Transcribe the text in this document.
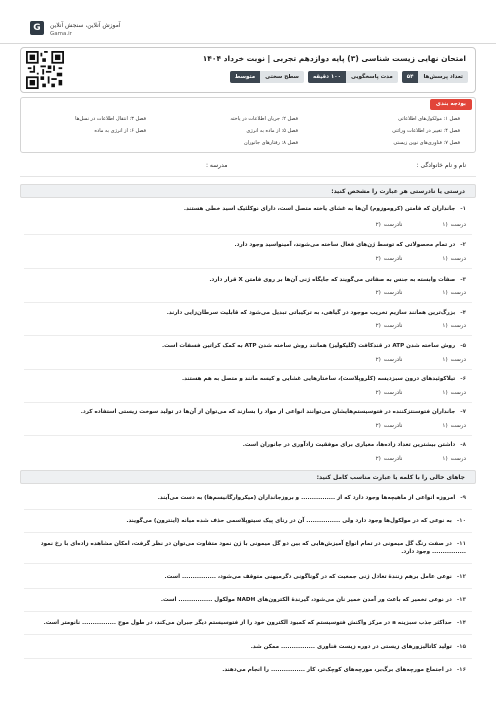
G	آموزش آنلاین، سنجش آنلاین
Gama.ir
امتحان نهایی زیست شناسی (۳) پایه دوازدهم تجربی | نوبت خرداد ۱۴۰۴
تعداد پرسش‌ها
۵۴
مدت پاسخگویی
۱۰۰ دقیقه
سطح سختی
متوسط
بودجه بندی
فصل ۱: مولکول‌های اطلاعاتی
فصل ۲: جریان اطلاعات در یاخته
فصل ۳: انتقال اطلاعات در نسل‌ها
فصل ۴: تغییر در اطلاعات وراثتی
فصل ۵: از ماده به انرژی
فصل ۶: از انرژی به ماده
فصل ۷: فناوری‌های نوین زیستی
فصل ۸: رفتارهای جانوران
نام و نام خانوادگی :
مدرسه :
درستی یا نادرستی هر عبارت را مشخص کنید:
۱-جانداران که فامتن (کروموزوم) آن‌ها به غشای یاخته متصل است، دارای نوکلئیک اسید خطی هستند.
درست
(١
نادرست
(٢
۲-در تمام محصولاتی که توسط ژن‌های فعال ساخته می‌شوند، آمینواسید وجود دارد.
درست
(١
نادرست
(٢
۳-صفات وابسته به جنس به صفاتی می‌گویند که جایگاه ژنی آن‌ها بر روی فامتن X قرار دارد.
درست
(١
نادرست
(٢
۴-بزرگ‌ترین همانند سازیم تخریب موجود در گیاهی، به ترکیباتی تبدیل می‌شود که قابلیت سرطان‌زایی دارند.
درست
(١
نادرست
(٢
۵-روش ساخته شدن ATP در قندکافت (گلیکولیز) همانند روش ساخته شدن ATP به کمک کراتین فسفات است.
درست
(١
نادرست
(٢
۶-تیلاکوئیدهای درون سبزدیسه (کلروپلاست)، ساختارهایی غشایی و کیسه مانند و متصل به هم هستند.
درست
(١
نادرست
(٢
۷-جانداران فتوسنتزکننده در فتوسیستم‌هایشان می‌توانند انواعی از مواد را بسازند که می‌توان از آن‌ها در تولید سوخت زیستی استفاده کرد.
درست
(١
نادرست
(٢
۸-داشتن بیشترین تعداد زاده‌ها، معیاری برای موفقیت زادآوری در جانوران است.
درست
(١
نادرست
(٢
جاهای خالی را با کلمه یا عبارت مناسب کامل کنید:
۹-امروزه انواعی از ماهیچه‌ها وجود دارد که از ................ و بروزجانداران (میکروارگانیسم‌ها) به دست می‌آیند.
۱۰-به نوعی که در مولکول‌ها وجود دارد ولی ................ آن در رنای پیک سیتوپلاسمی حذف شده میانه (اینترون) می‌گویند.
۱۱-در صفت رنگ گل میمونی در تمام انواع آمیزش‌هایی که بین دو گل میمونی با ژن نمود متفاوت می‌توان در نظر گرفت، امکان مشاهده زاده‌ای با رخ نمود ................ وجود دارد.
۱۲-نوعی عامل برهم زنندۀ تعادل ژنی جمعیت که در گوناگونی دگرمیهنی متوقف می‌شود، ................ است.
۱۳-در نوعی تخمیر که باعث ور آمدن خمیر نان می‌شود، گیرندۀ الکترون‌های NADH مولکول ................ است.
۱۴-حداکثر جذب سبزینه a در مرکز واکنش فتوسیستم که کمبود الکترون خود را از فتوسیستم دیگر جبران می‌کند، در طول موج ................ نانومتر است.
۱۵-تولید کاتالیزورهای زیستی در دوره زیست فناوری ................ ممکن شد.
۱۶-در اجتماع مورچه‌های برگ‌بر، مورچه‌های کوچک‌تر، کار ................ را انجام می‌دهند.
